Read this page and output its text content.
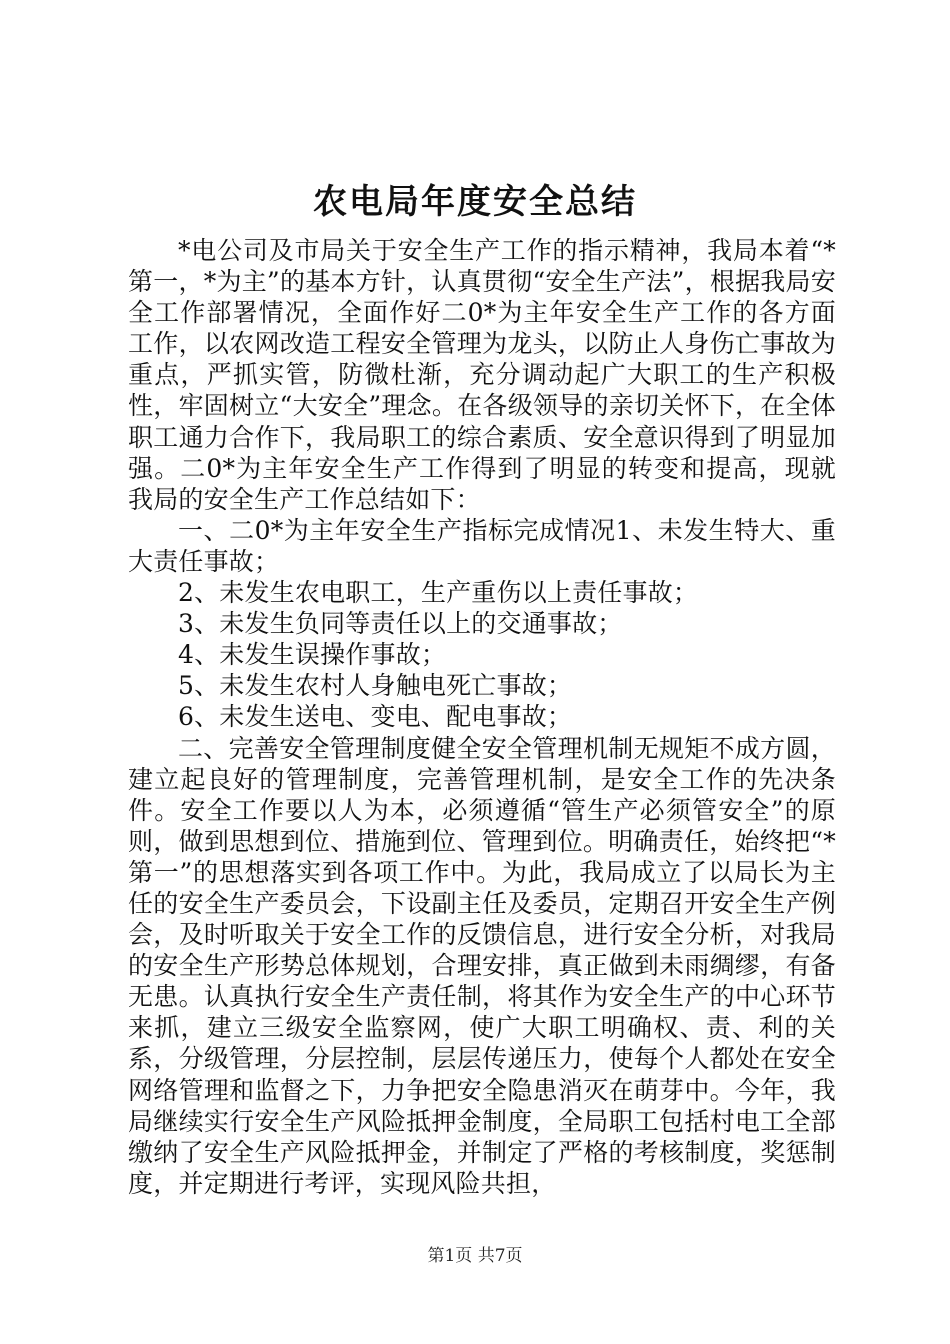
农电局年度安全总结

*电公司及市局关于安全生产工作的指示精神，我局本着“*第一，*为主”的基本方针，认真贯彻“安全生产法”，根据我局安全工作部署情况，全面作好二0*为主年安全生产工作的各方面工作，以农网改造工程安全管理为龙头，以防止人身伤亡事故为重点，严抓实管，防微杜渐，充分调动起广大职工的生产积极性，牢固树立“大安全”理念。在各级领导的亲切关怀下，在全体职工通力合作下，我局职工的综合素质、安全意识得到了明显加强。二0*为主年安全生产工作得到了明显的转变和提高，现就我局的安全生产工作总结如下：

一、二0*为主年安全生产指标完成情况1、未发生特大、重大责任事故；

2、未发生农电职工，生产重伤以上责任事故；

3、未发生负同等责任以上的交通事故；

4、未发生误操作事故；

5、未发生农村人身触电死亡事故；

6、未发生送电、变电、配电事故；

二、完善安全管理制度健全安全管理机制无规矩不成方圆，建立起良好的管理制度，完善管理机制，是安全工作的先决条件。安全工作要以人为本，必须遵循“管生产必须管安全”的原则，做到思想到位、措施到位、管理到位。明确责任，始终把“*第一”的思想落实到各项工作中。为此，我局成立了以局长为主任的安全生产委员会，下设副主任及委员，定期召开安全生产例会，及时听取关于安全工作的反馈信息，进行安全分析，对我局的安全生产形势总体规划，合理安排，真正做到未雨绸缪，有备无患。认真执行安全生产责任制，将其作为安全生产的中心环节来抓，建立三级安全监察网，使广大职工明确权、责、利的关系，分级管理，分层控制，层层传递压力，使每个人都处在安全网络管理和监督之下，力争把安全隐患消灭在萌芽中。今年，我局继续实行安全生产风险抵押金制度，全局职工包括村电工全部缴纳了安全生产风险抵押金，并制定了严格的考核制度，奖惩制度，并定期进行考评，实现风险共担，

第1页 共7页
